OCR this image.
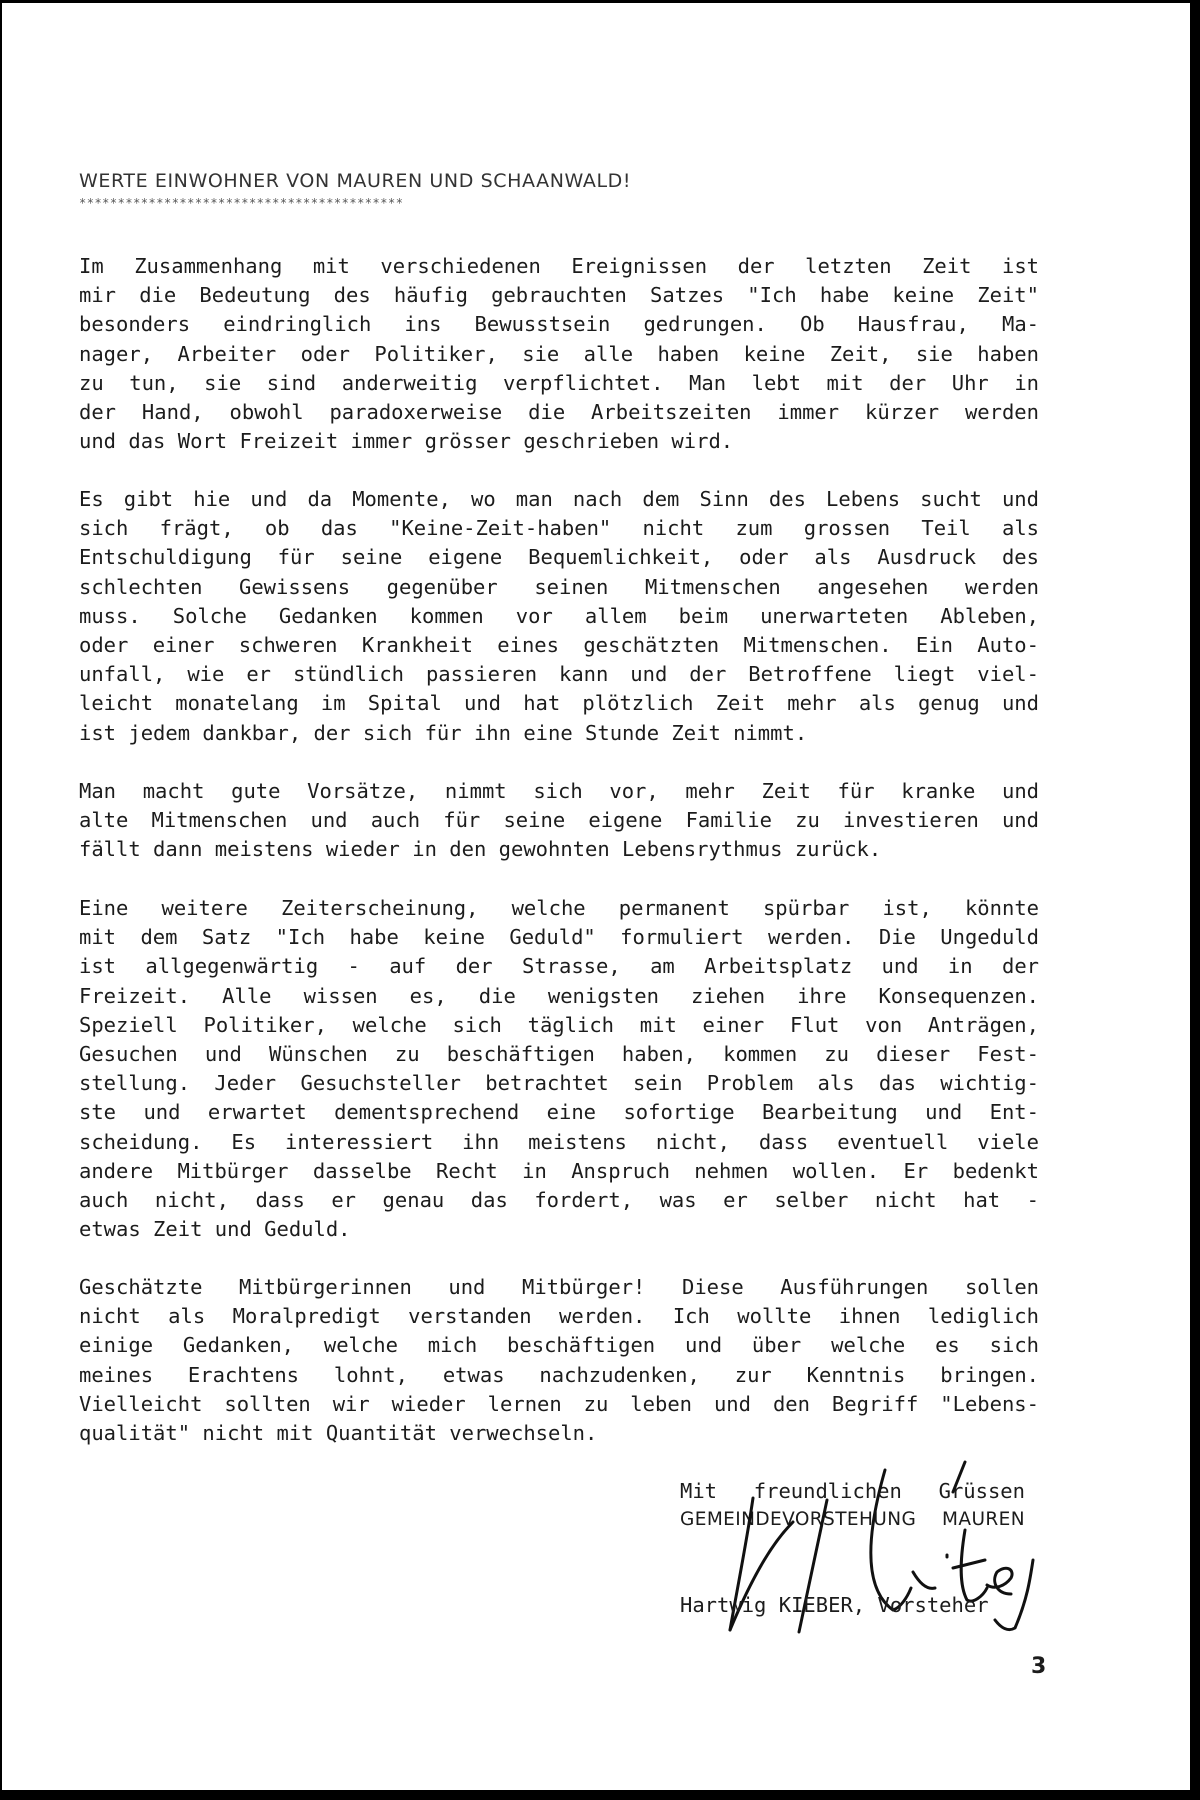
WERTE EINWOHNER VON MAUREN UND SCHAANWALD!
******************************************

Im Zusammenhang mit verschiedenen Ereignissen der letzten Zeit ist
mir die Bedeutung des häufig gebrauchten Satzes "Ich habe keine Zeit"
besonders eindringlich ins Bewusstsein gedrungen. Ob Hausfrau, Ma-
nager, Arbeiter oder Politiker, sie alle haben keine Zeit, sie haben
zu tun, sie sind anderweitig verpflichtet. Man lebt mit der Uhr in
der Hand, obwohl paradoxerweise die Arbeitszeiten immer kürzer werden
und das Wort Freizeit immer grösser geschrieben wird.

Es gibt hie und da Momente, wo man nach dem Sinn des Lebens sucht und
sich frägt, ob das "Keine-Zeit-haben" nicht zum grossen Teil als
Entschuldigung für seine eigene Bequemlichkeit, oder als Ausdruck des
schlechten Gewissens gegenüber seinen Mitmenschen angesehen werden
muss. Solche Gedanken kommen vor allem beim unerwarteten Ableben,
oder einer schweren Krankheit eines geschätzten Mitmenschen. Ein Auto-
unfall, wie er stündlich passieren kann und der Betroffene liegt viel-
leicht monatelang im Spital und hat plötzlich Zeit mehr als genug und
ist jedem dankbar, der sich für ihn eine Stunde Zeit nimmt.

Man macht gute Vorsätze, nimmt sich vor, mehr Zeit für kranke und
alte Mitmenschen und auch für seine eigene Familie zu investieren und
fällt dann meistens wieder in den gewohnten Lebensrythmus zurück.

Eine weitere Zeiterscheinung, welche permanent spürbar ist, könnte
mit dem Satz "Ich habe keine Geduld" formuliert werden. Die Ungeduld
ist allgegenwärtig - auf der Strasse, am Arbeitsplatz und in der
Freizeit. Alle wissen es, die wenigsten ziehen ihre Konsequenzen.
Speziell Politiker, welche sich täglich mit einer Flut von Anträgen,
Gesuchen und Wünschen zu beschäftigen haben, kommen zu dieser Fest-
stellung. Jeder Gesuchsteller betrachtet sein Problem als das wichtig-
ste und erwartet dementsprechend eine sofortige Bearbeitung und Ent-
scheidung. Es interessiert ihn meistens nicht, dass eventuell viele
andere Mitbürger dasselbe Recht in Anspruch nehmen wollen. Er bedenkt
auch nicht, dass er genau das fordert, was er selber nicht hat -
etwas Zeit und Geduld.

Geschätzte Mitbürgerinnen und Mitbürger! Diese Ausführungen sollen
nicht als Moralpredigt verstanden werden. Ich wollte ihnen lediglich
einige Gedanken, welche mich beschäftigen und über welche es sich
meines Erachtens lohnt, etwas nachzudenken, zur Kenntnis bringen.
Vielleicht sollten wir wieder lernen zu leben und den Begriff "Lebens-
qualität" nicht mit Quantität verwechseln.

Mit freundlichen Grüssen
GEMEINDEVORSTEHUNG MAUREN
Hartwig KIEBER, Vorsteher
3
